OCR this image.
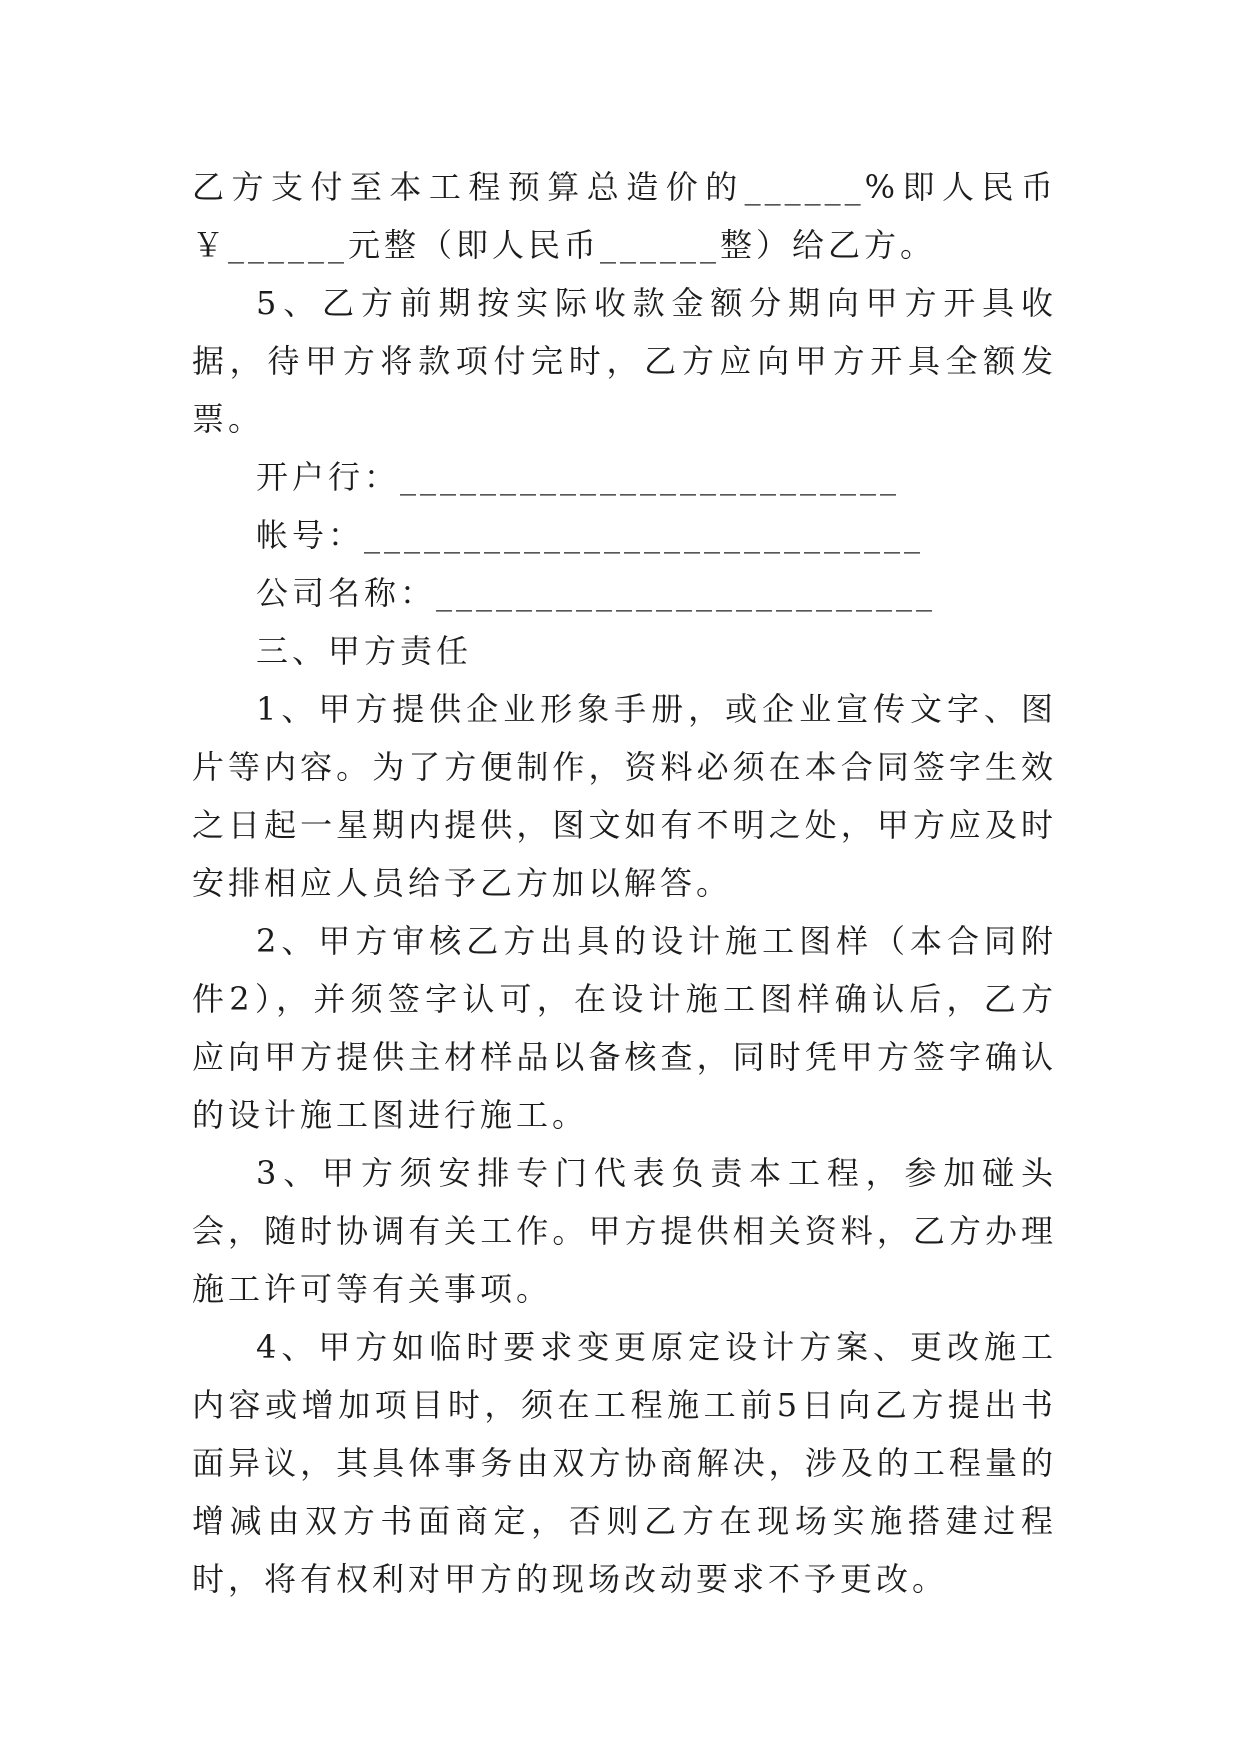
乙方支付至本工程预算总造价的______%即人民币￥______元整（即人民币______整）给乙方。

5、乙方前期按实际收款金额分期向甲方开具收据，待甲方将款项付完时，乙方应向甲方开具全额发票。

开户行：_________________________

帐号：____________________________

公司名称：_________________________

三、甲方责任

1、甲方提供企业形象手册，或企业宣传文字、图片等内容。为了方便制作，资料必须在本合同签字生效之日起一星期内提供，图文如有不明之处，甲方应及时安排相应人员给予乙方加以解答。

2、甲方审核乙方出具的设计施工图样（本合同附件2），并须签字认可，在设计施工图样确认后，乙方应向甲方提供主材样品以备核查，同时凭甲方签字确认的设计施工图进行施工。

3、甲方须安排专门代表负责本工程，参加碰头会，随时协调有关工作。甲方提供相关资料，乙方办理施工许可等有关事项。

4、甲方如临时要求变更原定设计方案、更改施工内容或增加项目时，须在工程施工前5日向乙方提出书面异议，其具体事务由双方协商解决，涉及的工程量的增减由双方书面商定，否则乙方在现场实施搭建过程时，将有权利对甲方的现场改动要求不予更改。
